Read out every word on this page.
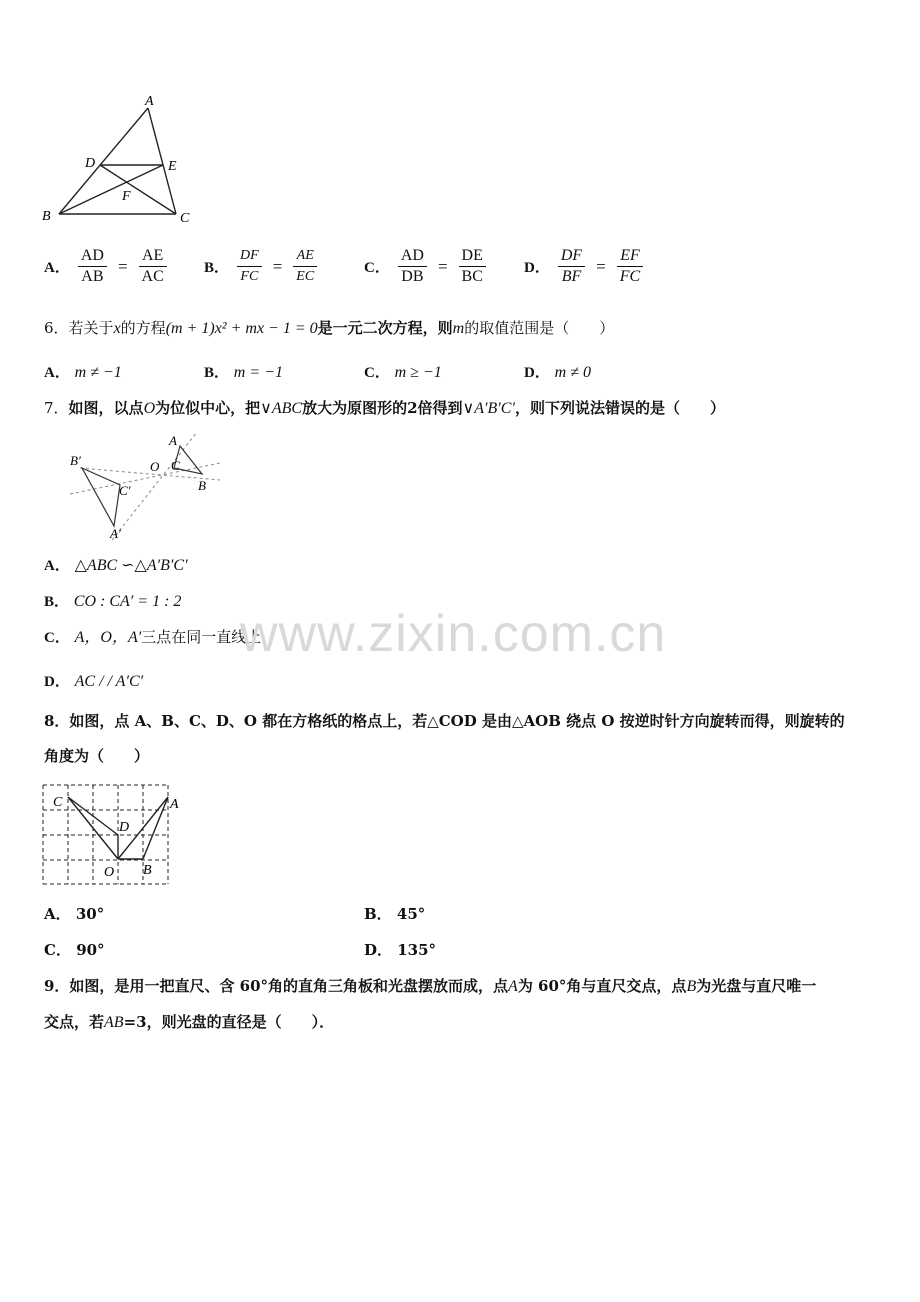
A
D	E
F
B	C
A． $\frac{AD}{AB} = \frac{AE}{AC}$ B． $\frac{DF}{FC} = \frac{AE}{EC}$	C． $\frac{AD}{DB} = \frac{DE}{BC}$	D． $\frac{DF}{BF} = \frac{EF}{FC}$
6．若关于x的方程(m + 1)x² + mx − 1 = 0是一元二次方程，则m的取值范围是（　　）
A． m ≠ −1	B． m = −1	C． m ≥ −1	D． m ≠ 0
7．如图，以点O为位似中心，把∨ABC放大为原图形的2倍得到∨A′B′C′，则下列说法错误的是（　　）
B′	O
A
C
B
C′
A′
A． △ABC ∽△A′B′C′
B． CO : CA′ = 1 : 2
C． A，O，A′三点在同一直线上
D． AC / / A′C′
www.zixin.com.cn
8．如图，点 A、B、C、D、O 都在方格纸的格点上，若△COD 是由△AOB 绕点 O 按逆时针方向旋转而得，则旋转的
角度为（　　）
C	A
D
O B
A． 30°	B． 45°
C． 90°	D． 135°
9．如图，是用一把直尺、含 60°角的直角三角板和光盘摆放而成，点A为 60°角与直尺交点，点B为光盘与直尺唯一
交点，若AB=3，则光盘的直径是（　　）．
